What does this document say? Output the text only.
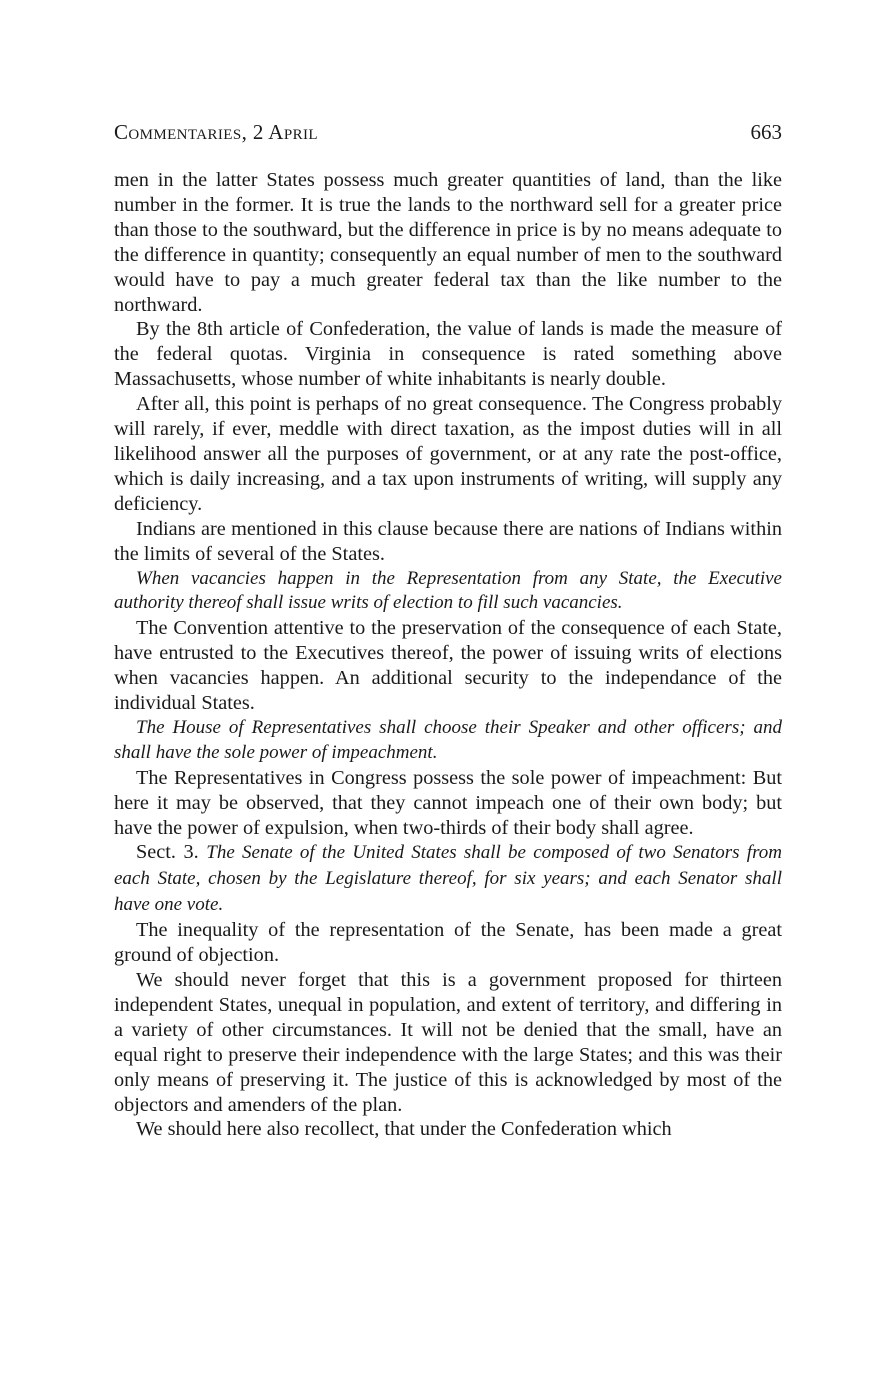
Commentaries, 2 April	663

men in the latter States possess much greater quantities of land, than the like number in the former. It is true the lands to the northward sell for a greater price than those to the southward, but the difference in price is by no means adequate to the difference in quantity; consequently an equal number of men to the southward would have to pay a much greater federal tax than the like number to the northward.

By the 8th article of Confederation, the value of lands is made the measure of the federal quotas. Virginia in consequence is rated something above Massachusetts, whose number of white inhabitants is nearly double.

After all, this point is perhaps of no great consequence. The Congress probably will rarely, if ever, meddle with direct taxation, as the impost duties will in all likelihood answer all the purposes of government, or at any rate the post-office, which is daily increasing, and a tax upon instruments of writing, will supply any deficiency.

Indians are mentioned in this clause because there are nations of Indians within the limits of several of the States.

When vacancies happen in the Representation from any State, the Executive authority thereof shall issue writs of election to fill such vacancies.

The Convention attentive to the preservation of the consequence of each State, have entrusted to the Executives thereof, the power of issuing writs of elections when vacancies happen. An additional security to the independance of the individual States.

The House of Representatives shall choose their Speaker and other officers; and shall have the sole power of impeachment.

The Representatives in Congress possess the sole power of impeachment: But here it may be observed, that they cannot impeach one of their own body; but have the power of expulsion, when two-thirds of their body shall agree.

Sect. 3. The Senate of the United States shall be composed of two Senators from each State, chosen by the Legislature thereof, for six years; and each Senator shall have one vote.

The inequality of the representation of the Senate, has been made a great ground of objection.

We should never forget that this is a government proposed for thirteen independent States, unequal in population, and extent of territory, and differing in a variety of other circumstances. It will not be denied that the small, have an equal right to preserve their independence with the large States; and this was their only means of preserving it. The justice of this is acknowledged by most of the objectors and amenders of the plan.

We should here also recollect, that under the Confederation which
